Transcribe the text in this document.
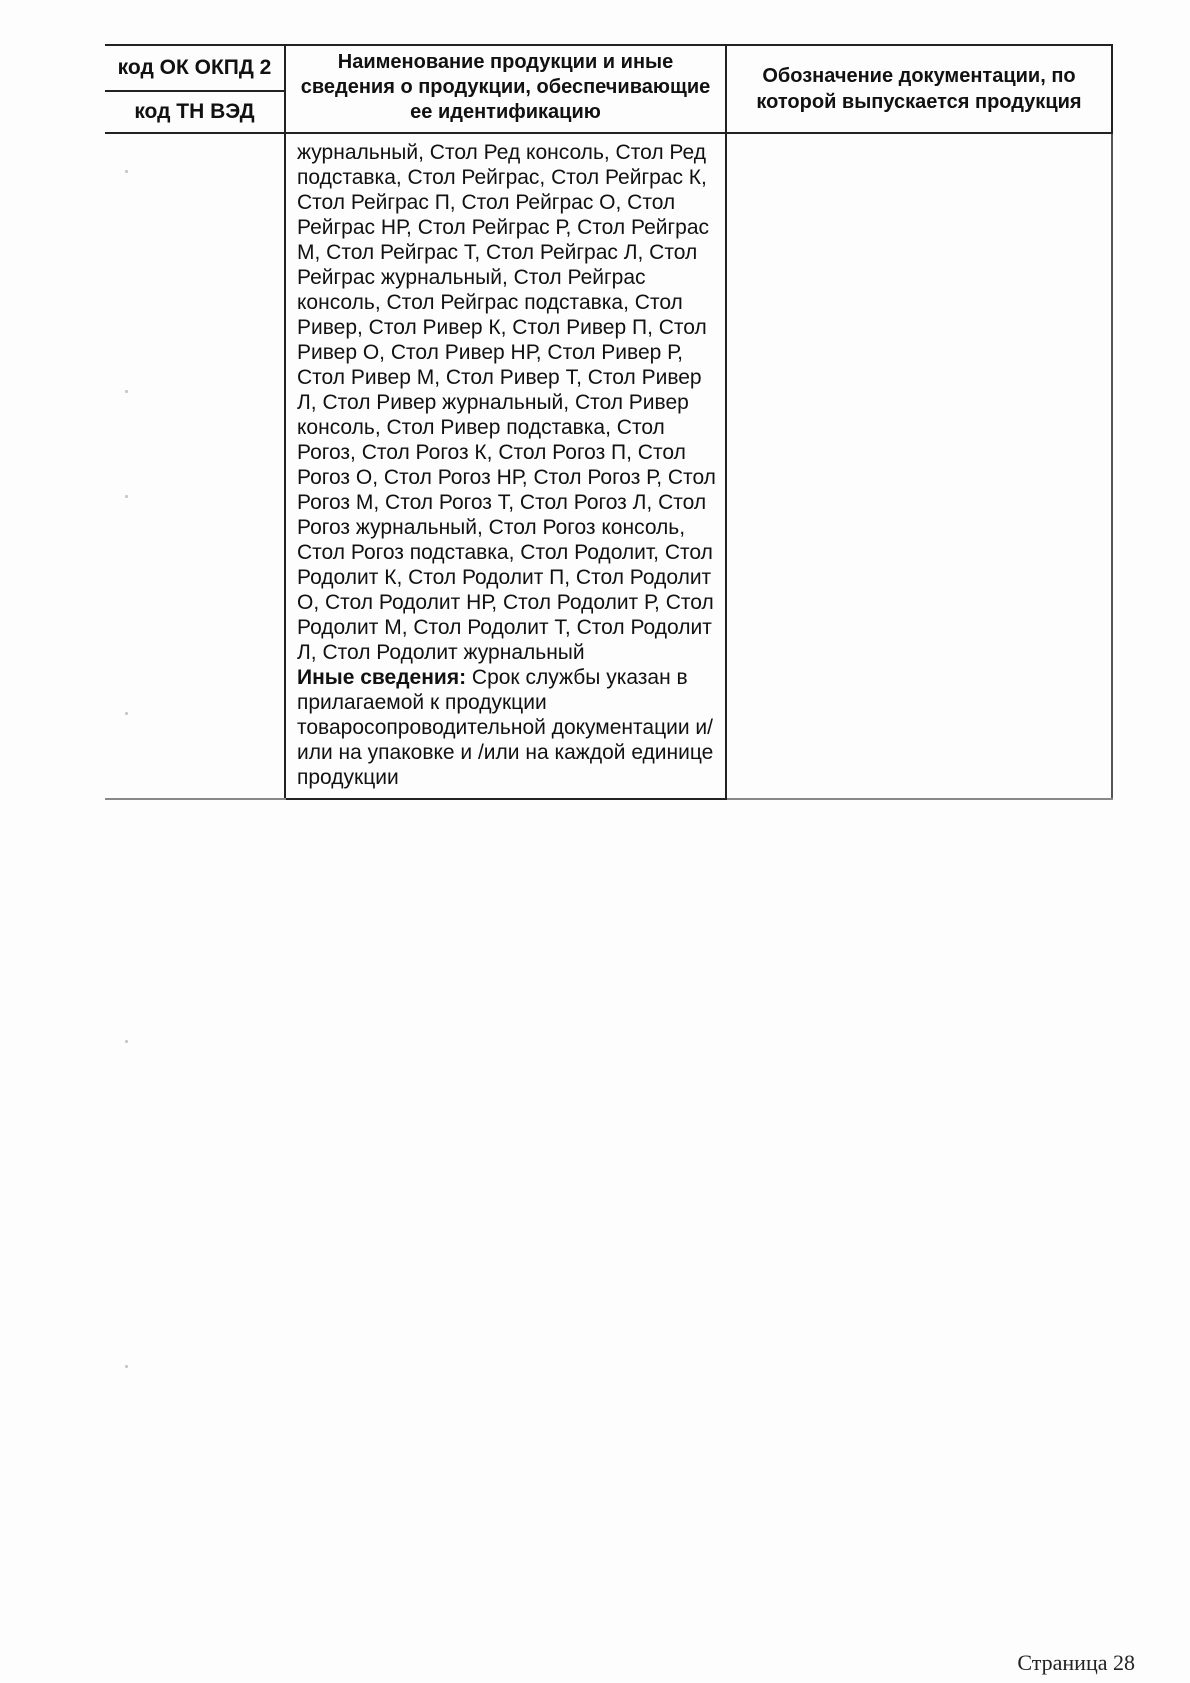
код ОК ОКПД 2
код ТН ВЭД	Наименование продукции и иные сведения о продукции, обеспечивающие ее идентификацию	Обозначение документации, по которой выпускается продукция

	журнальный, Стол Ред консоль, Стол Ред подставка, Стол Рейграс, Стол Рейграс К, Стол Рейграс П, Стол Рейграс О, Стол Рейграс НР, Стол Рейграс Р, Стол Рейграс М, Стол Рейграс Т, Стол Рейграс Л, Стол Рейграс журнальный, Стол Рейграс консоль, Стол Рейграс подставка, Стол Ривер, Стол Ривер К, Стол Ривер П, Стол Ривер О, Стол Ривер НР, Стол Ривер Р, Стол Ривер М, Стол Ривер Т, Стол Ривер Л, Стол Ривер журнальный, Стол Ривер консоль, Стол Ривер подставка, Стол Рогоз, Стол Рогоз К, Стол Рогоз П, Стол Рогоз О, Стол Рогоз НР, Стол Рогоз Р, Стол Рогоз М, Стол Рогоз Т, Стол Рогоз Л, Стол Рогоз журнальный, Стол Рогоз консоль, Стол Рогоз подставка, Стол Родолит, Стол Родолит К, Стол Родолит П, Стол Родолит О, Стол Родолит НР, Стол Родолит Р, Стол Родолит М, Стол Родолит Т, Стол Родолит Л, Стол Родолит журнальный
Иные сведения: Срок службы указан в прилагаемой к продукции товаросопроводительной документации и/или на упаковке и /или на каждой единице продукции	

Страница 28
